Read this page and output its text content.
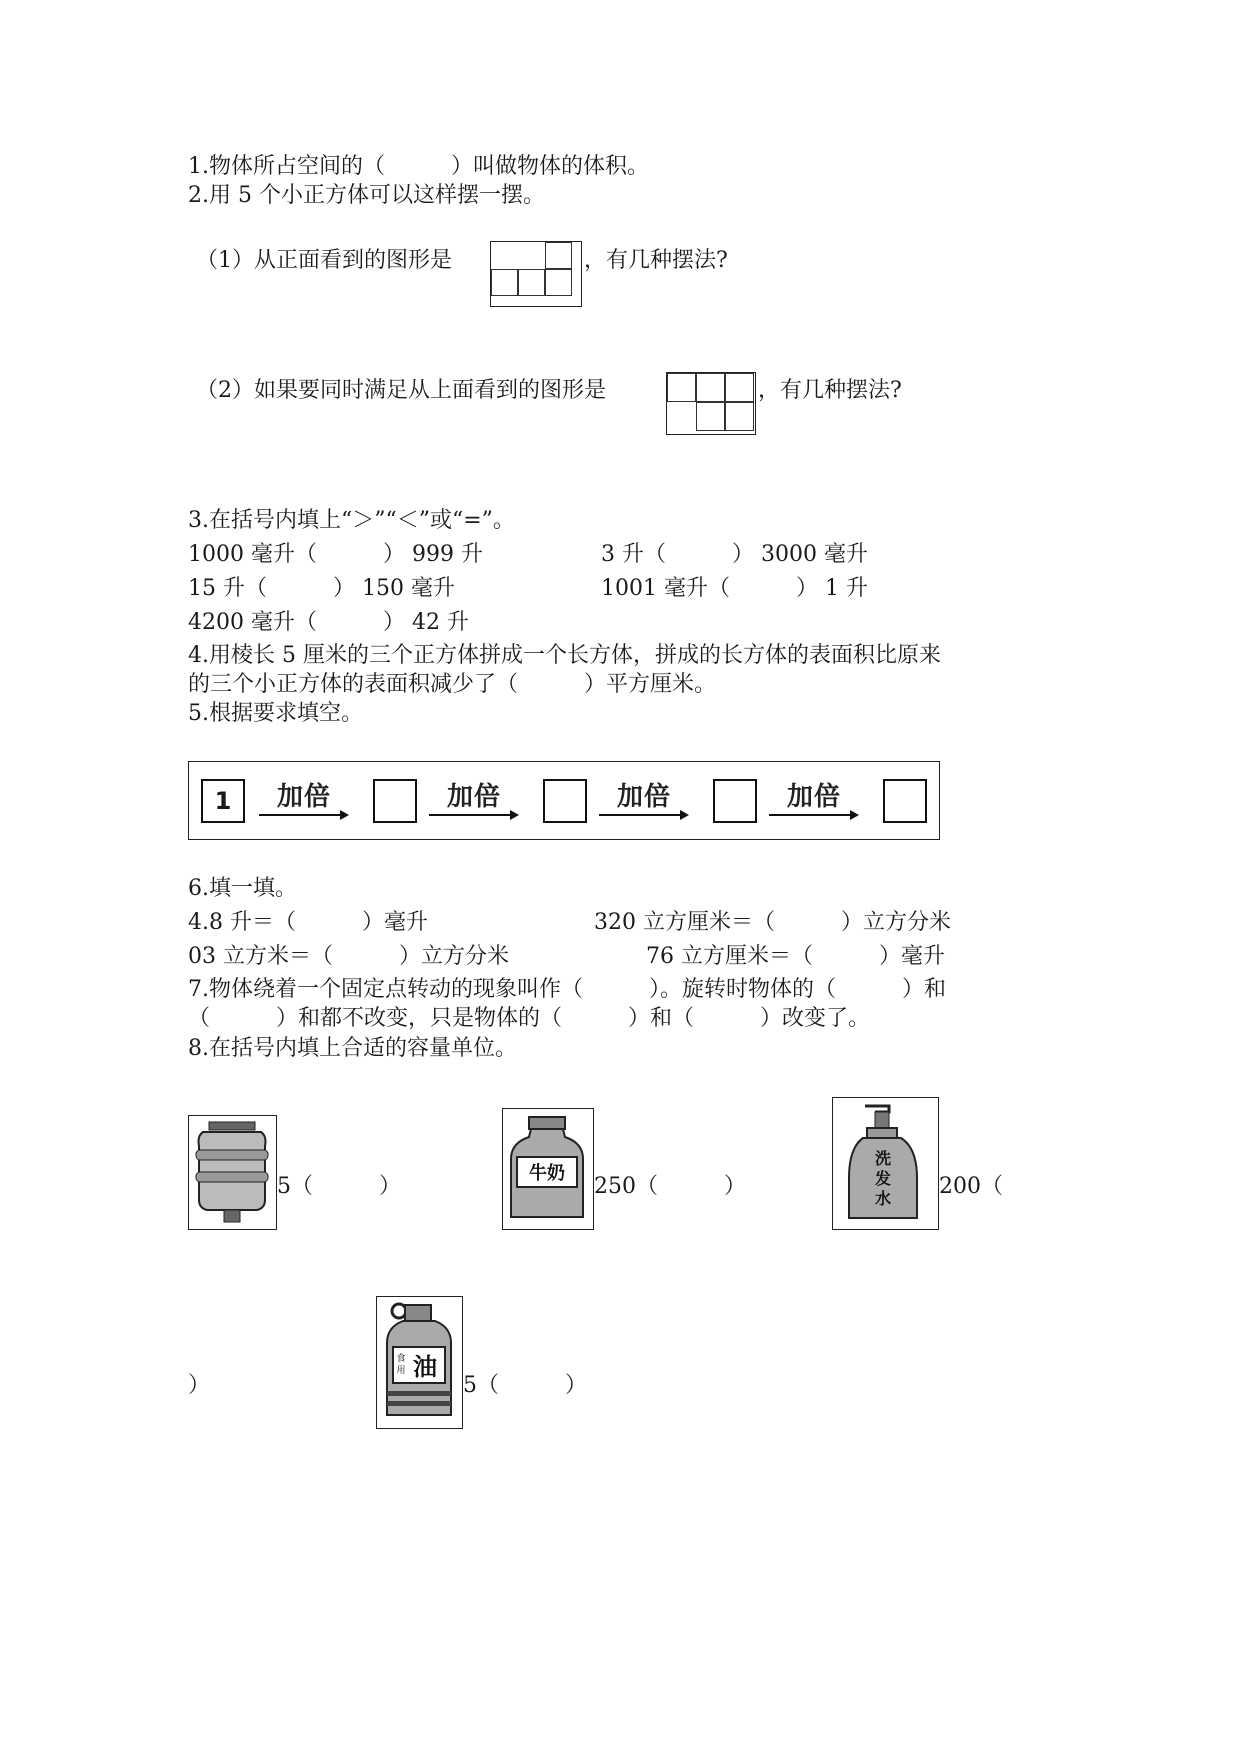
1.物体所占空间的（　　　）叫做物体的体积。
2.用 5 个小正方体可以这样摆一摆。
（1）从正面看到的图形是	，有几种摆法?
（2）如果要同时满足从上面看到的图形是	，有几种摆法?
3.在括号内填上“＞”“＜”或“=”。
1000 毫升（　　　） 999 升	3 升（　　　） 3000 毫升
15 升（　　　） 150 毫升	1001 毫升（　　　） 1 升
4200 毫升（　　　） 42 升
4.用棱长 5 厘米的三个正方体拼成一个长方体，拼成的长方体的表面积比原来
的三个小正方体的表面积减少了（　　　）平方厘米。
5.根据要求填空。
1	加倍	加倍	加倍	加倍
6.填一填。
4.8 升＝（　　　）毫升	320 立方厘米＝（　　　）立方分米
03 立方米＝（　　　）立方分米	76 立方厘米＝（　　　）毫升
7.物体绕着一个固定点转动的现象叫作（　　　）。旋转时物体的（　　　）和
（　　　）和都不改变，只是物体的（　　　）和（　　　）改变了。
8.在括号内填上合适的容量单位。
5（　　　）
牛奶
250（　　　）
洗
发
水 200（
）
食
用 油
5（　　　）
